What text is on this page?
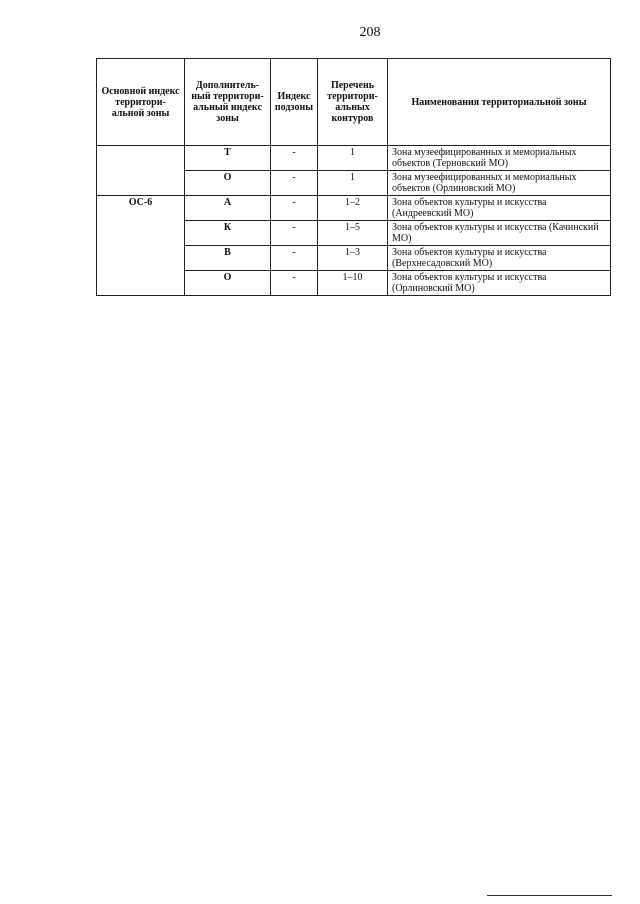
208
Основной индекс территори-альной зоны	Дополнитель-ный территори-альный индекс зоны	Индекс подзоны	Перечень территори-альных контуров	Наименования территориальной зоны
	Т	-	1	Зона музеефицированных и мемориальных объектов (Терновский МО)
	О	-	1	Зона музеефицированных и мемориальных объектов (Орлиновский МО)
ОС-6	А	-	1–2	Зона объектов культуры и искусства (Андреевский МО)
	К	-	1–5	Зона объектов культуры и искусства (Качинский МО)
	В	-	1–3	Зона объектов культуры и искусства (Верхнесадовский МО)
	О	-	1–10	Зона объектов культуры и искусства (Орлиновский МО)
